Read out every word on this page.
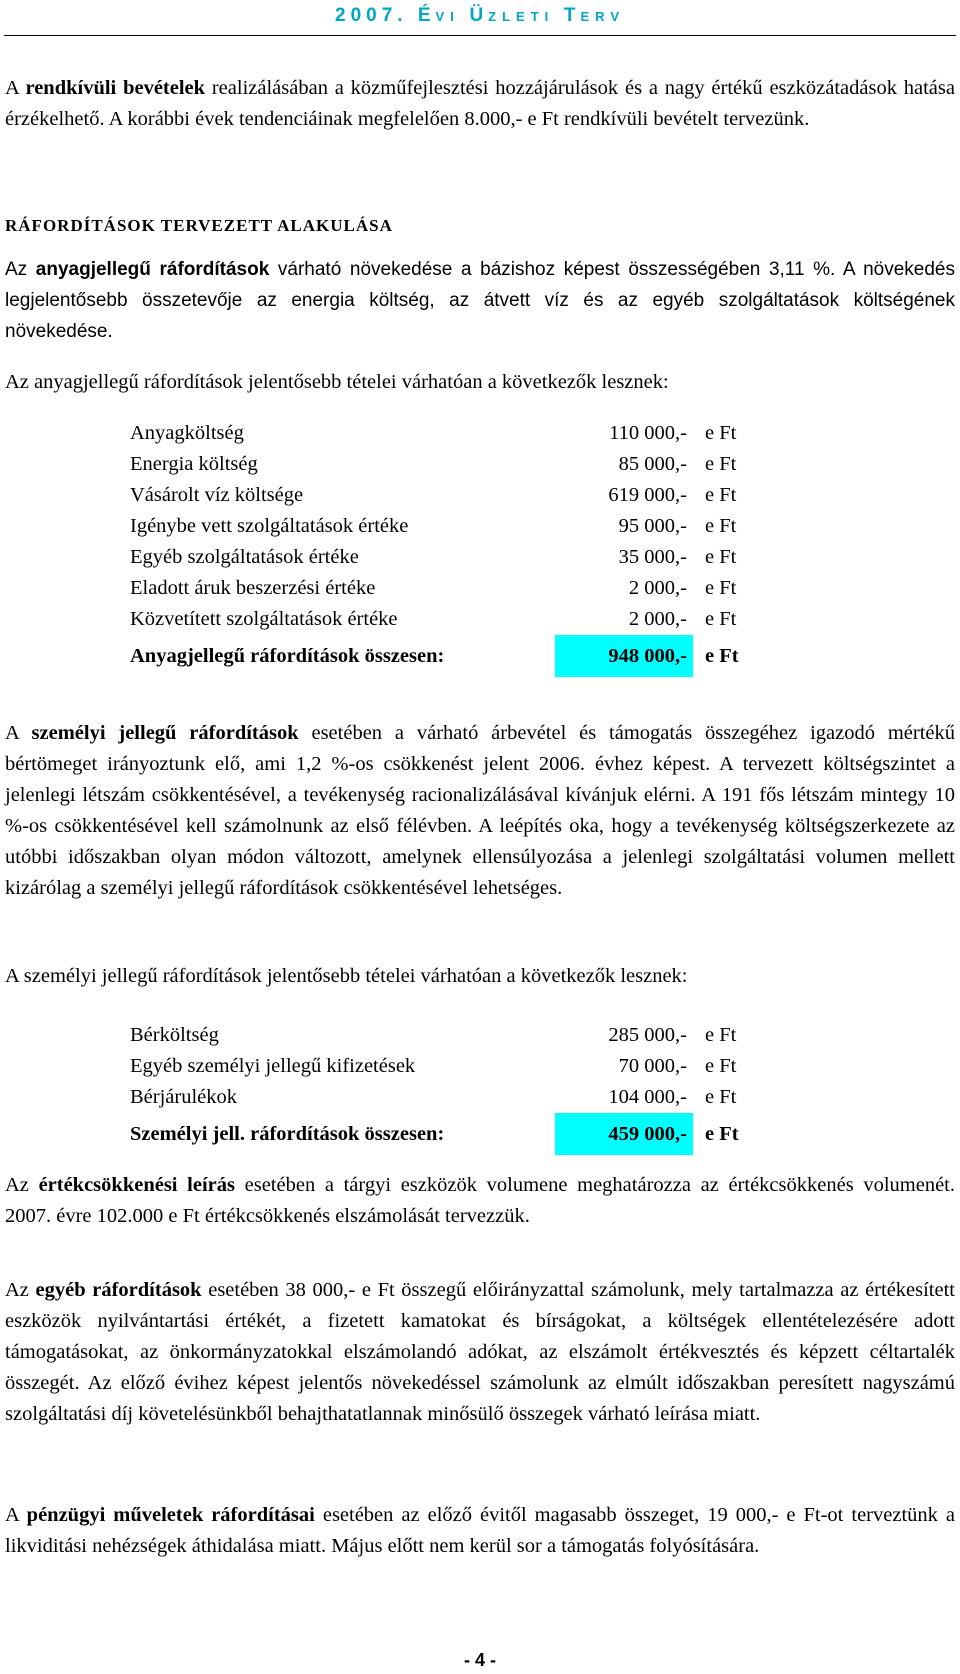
2007. ÉVI ÜZLETI TERV
A rendkívüli bevételek realizálásában a közműfejlesztési hozzájárulások és a nagy értékű eszközátadások hatása érzékelhető. A korábbi évek tendenciáinak megfelelően 8.000,- e Ft rendkívüli bevételt tervezünk.
RÁFORDÍTÁSOK TERVEZETT ALAKULÁSA
Az anyagjellegű ráfordítások várható növekedése a bázishoz képest összességében 3,11 %. A növekedés legjelentősebb összetevője az energia költség, az átvett víz és az egyéb szolgáltatások költségének növekedése.
Az anyagjellegű ráfordítások jelentősebb tételei várhatóan a következők lesznek:
Anyagköltség	110 000,-	e Ft
Energia költség	85 000,-	e Ft
Vásárolt víz költsége	619 000,-	e Ft
Igénybe vett szolgáltatások értéke	95 000,-	e Ft
Egyéb szolgáltatások értéke	35 000,-	e Ft
Eladott áruk beszerzési értéke	2 000,-	e Ft
Közvetített szolgáltatások értéke	2 000,-	e Ft
Anyagjellegű ráfordítások összesen:	948 000,-	e Ft
A személyi jellegű ráfordítások esetében a várható árbevétel és támogatás összegéhez igazodó mértékű bértömeget irányoztunk elő, ami 1,2 %-os csökkenést jelent 2006. évhez képest. A tervezett költségszintet a jelenlegi létszám csökkentésével, a tevékenység racionalizálásával kívánjuk elérni. A 191 fős létszám mintegy 10 %-os csökkentésével kell számolnunk az első félévben. A leépítés oka, hogy a tevékenység költségszerkezete az utóbbi időszakban olyan módon változott, amelynek ellensúlyozása a jelenlegi szolgáltatási volumen mellett kizárólag a személyi jellegű ráfordítások csökkentésével lehetséges.
A személyi jellegű ráfordítások jelentősebb tételei várhatóan a következők lesznek:
Bérköltség	285 000,-	e Ft
Egyéb személyi jellegű kifizetések	70 000,-	e Ft
Bérjárulékok	104 000,-	e Ft
Személyi jell. ráfordítások összesen:	459 000,-	e Ft
Az értékcsökkenési leírás esetében a tárgyi eszközök volumene meghatározza az értékcsökkenés volumenét. 2007. évre 102.000 e Ft értékcsökkenés elszámolását tervezzük.
Az egyéb ráfordítások esetében 38 000,- e Ft összegű előirányzattal számolunk, mely tartalmazza az értékesített eszközök nyilvántartási értékét, a fizetett kamatokat és bírságokat, a költségek ellentételezésére adott támogatásokat, az önkormányzatokkal elszámolandó adókat, az elszámolt értékvesztés és képzett céltartalék összegét. Az előző évihez képest jelentős növekedéssel számolunk az elmúlt időszakban peresített nagyszámú szolgáltatási díj követelésünkből behajthatatlannak minősülő összegek várható leírása miatt.
A pénzügyi műveletek ráfordításai esetében az előző évitől magasabb összeget, 19 000,- e Ft-ot terveztünk a likviditási nehézségek áthidalása miatt. Május előtt nem kerül sor a támogatás folyósítására.
- 4 -
